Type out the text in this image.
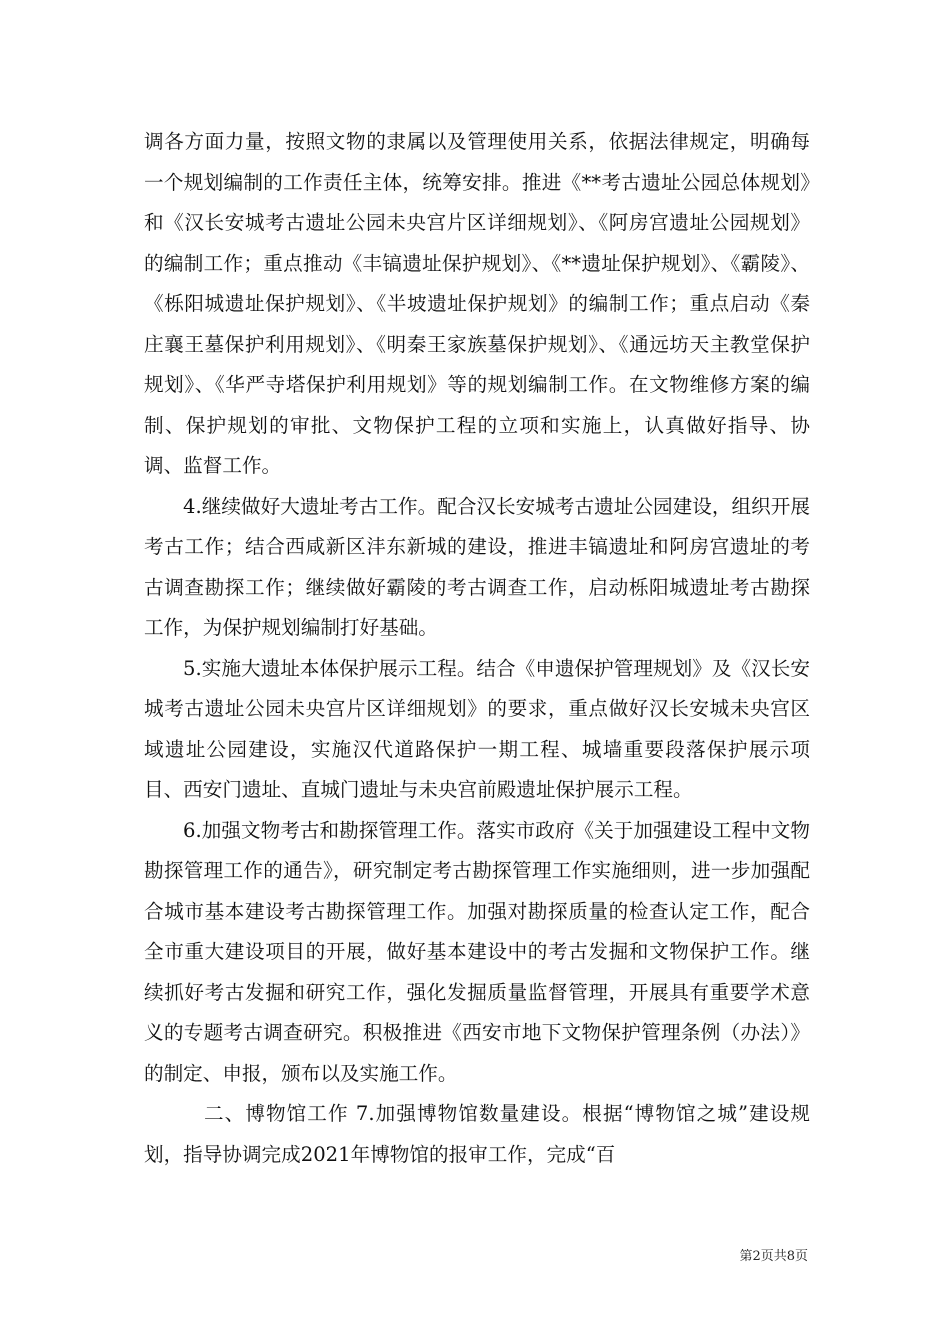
调各方面力量，按照文物的隶属以及管理使用关系，依据法律规定，明确每一个规划编制的工作责任主体，统筹安排。推进《**考古遗址公园总体规划》和《汉长安城考古遗址公园未央宫片区详细规划》、《阿房宫遗址公园规划》的编制工作；重点推动《丰镐遗址保护规划》、《**遗址保护规划》、《霸陵》、《栎阳城遗址保护规划》、《半坡遗址保护规划》的编制工作；重点启动《秦庄襄王墓保护利用规划》、《明秦王家族墓保护规划》、《通远坊天主教堂保护规划》、《华严寺塔保护利用规划》等的规划编制工作。在文物维修方案的编制、保护规划的审批、文物保护工程的立项和实施上，认真做好指导、协调、监督工作。

4.继续做好大遗址考古工作。配合汉长安城考古遗址公园建设，组织开展考古工作；结合西咸新区沣东新城的建设，推进丰镐遗址和阿房宫遗址的考古调查勘探工作；继续做好霸陵的考古调查工作，启动栎阳城遗址考古勘探工作，为保护规划编制打好基础。

5.实施大遗址本体保护展示工程。结合《申遗保护管理规划》及《汉长安城考古遗址公园未央宫片区详细规划》的要求，重点做好汉长安城未央宫区域遗址公园建设，实施汉代道路保护一期工程、城墙重要段落保护展示项目、西安门遗址、直城门遗址与未央宫前殿遗址保护展示工程。

6.加强文物考古和勘探管理工作。落实市政府《关于加强建设工程中文物勘探管理工作的通告》，研究制定考古勘探管理工作实施细则，进一步加强配合城市基本建设考古勘探管理工作。加强对勘探质量的检查认定工作，配合全市重大建设项目的开展，做好基本建设中的考古发掘和文物保护工作。继续抓好考古发掘和研究工作，强化发掘质量监督管理，开展具有重要学术意义的专题考古调查研究。积极推进《西安市地下文物保护管理条例（办法）》的制定、申报，颁布以及实施工作。

二、博物馆工作 7.加强博物馆数量建设。根据“博物馆之城”建设规划，指导协调完成2021年博物馆的报审工作，完成“百

第2页共8页
